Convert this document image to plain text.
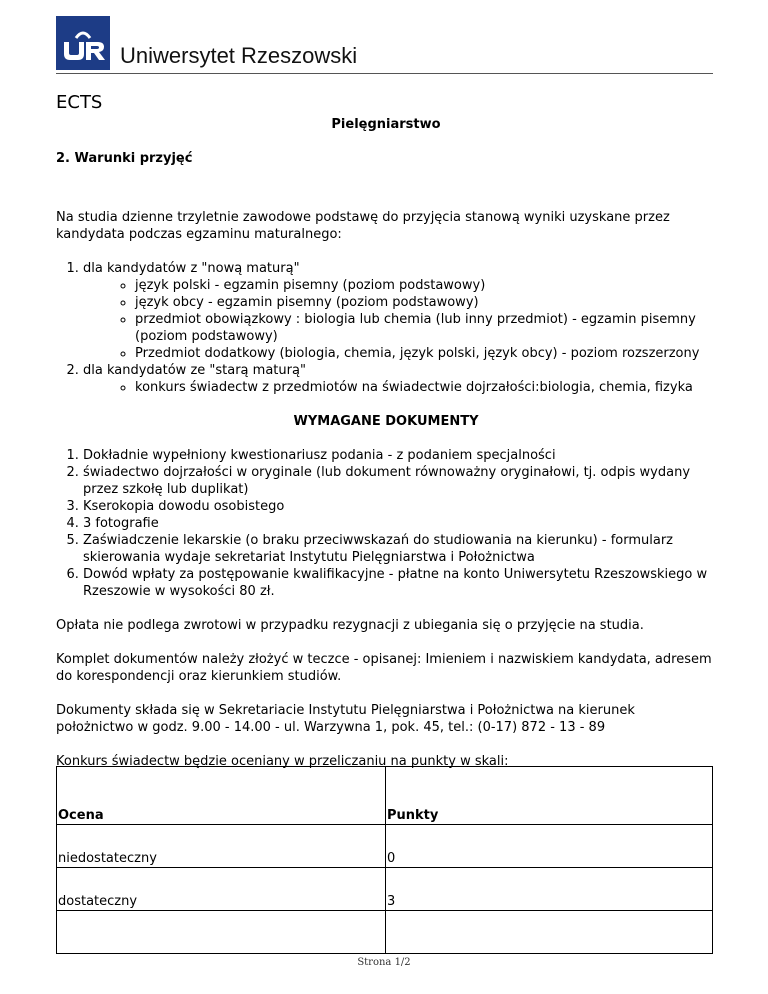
Uniwersytet Rzeszowski
ECTS

Pielęgniarstwo

2. Warunki przyjęć

Na studia dzienne trzyletnie zawodowe podstawę do przyjęcia stanową wyniki uzyskane przez kandydata podczas egzaminu maturalnego:

1. dla kandydatów z "nową maturą"
◦ język polski - egzamin pisemny (poziom podstawowy)
◦ język obcy - egzamin pisemny (poziom podstawowy)
◦ przedmiot obowiązkowy : biologia lub chemia (lub inny przedmiot) - egzamin pisemny (poziom podstawowy)
◦ Przedmiot dodatkowy (biologia, chemia, język polski, język obcy) - poziom rozszerzony
2. dla kandydatów ze "starą maturą"
◦ konkurs świadectw z przedmiotów na świadectwie dojrzałości:biologia, chemia, fizyka

WYMAGANE DOKUMENTY

1. Dokładnie wypełniony kwestionariusz podania - z podaniem specjalności
2. świadectwo dojrzałości w oryginale (lub dokument równoważny oryginałowi, tj. odpis wydany przez szkołę lub duplikat)
3. Kserokopia dowodu osobistego
4. 3 fotografie
5. Zaświadczenie lekarskie (o braku przeciwwskazań do studiowania na kierunku) - formularz skierowania wydaje sekretariat Instytutu Pielęgniarstwa i Położnictwa
6. Dowód wpłaty za postępowanie kwalifikacyjne - płatne na konto Uniwersytetu Rzeszowskiego w Rzeszowie w wysokości 80 zł.

Opłata nie podlega zwrotowi w przypadku rezygnacji z ubiegania się o przyjęcie na studia.

Komplet dokumentów należy złożyć w teczce - opisanej: Imieniem i nazwiskiem kandydata, adresem do korespondencji oraz kierunkiem studiów.

Dokumenty składa się w Sekretariacie Instytutu Pielęgniarstwa i Położnictwa na kierunek położnictwo w godz. 9.00 - 14.00 - ul. Warzywna 1, pok. 45, tel.: (0-17) 872 - 13 - 89

Konkurs świadectw będzie oceniany w przeliczaniu na punkty w skali:

Ocena	Punkty
niedostateczny	0
dostateczny	3

Strona 1/2
